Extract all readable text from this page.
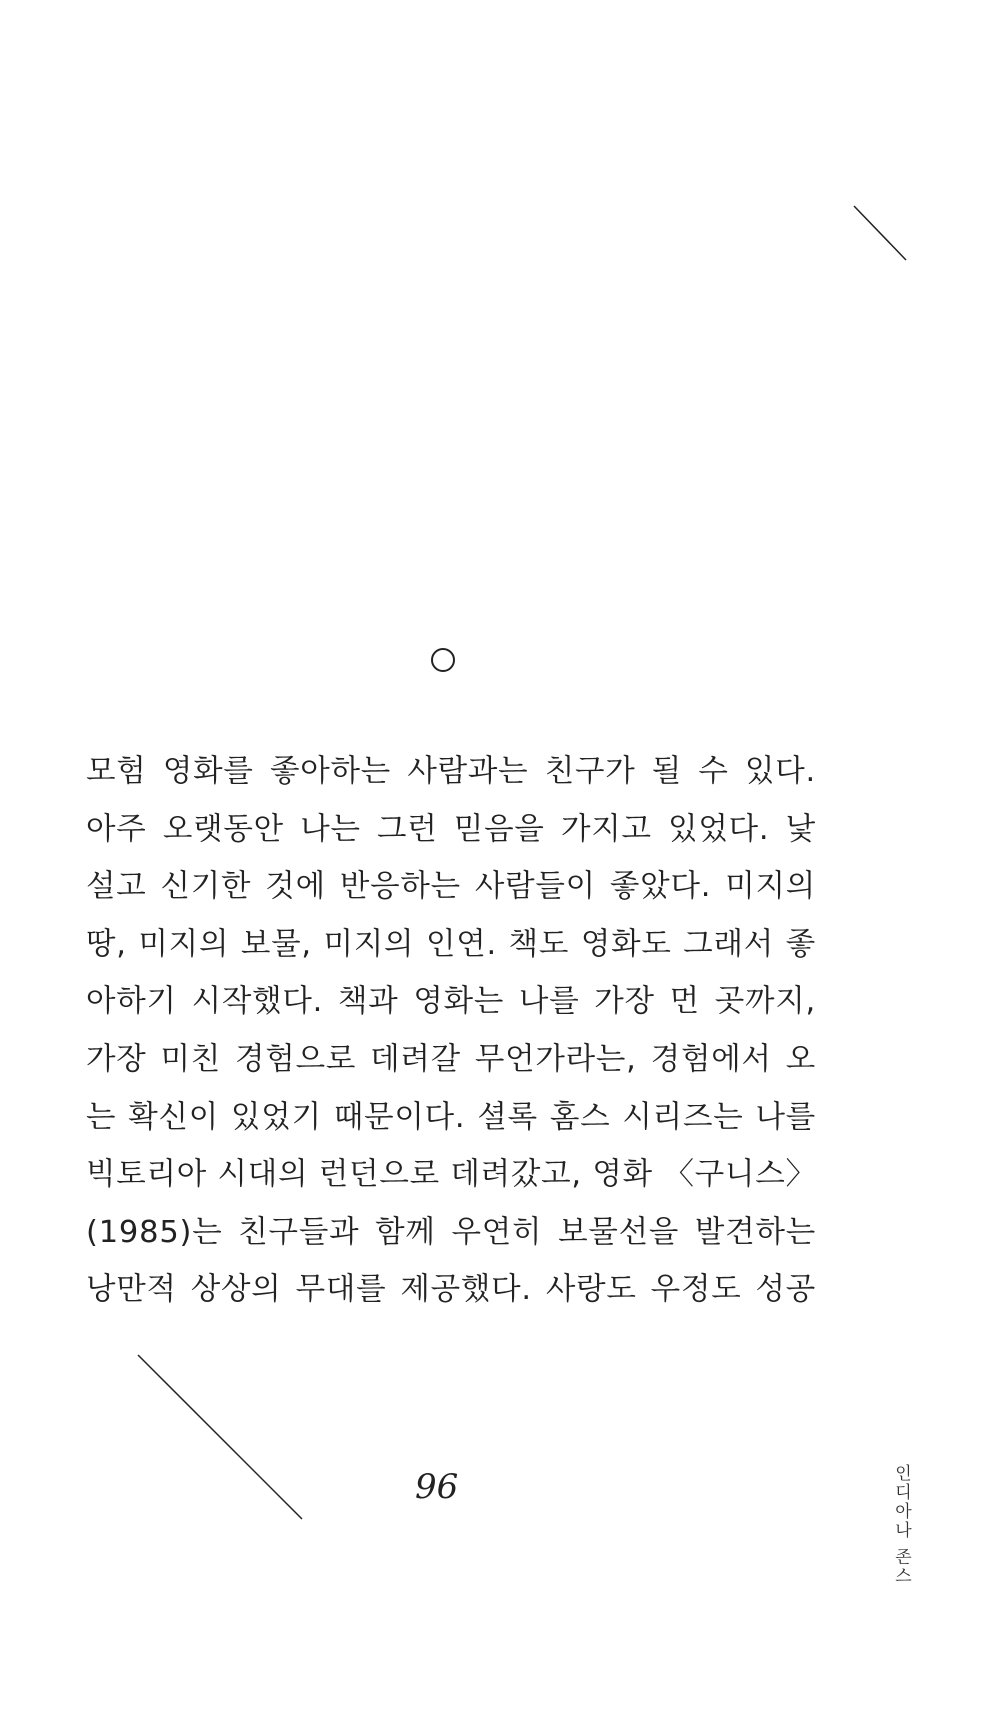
모험 영화를 좋아하는 사람과는 친구가 될 수 있다.
아주 오랫동안 나는 그런 믿음을 가지고 있었다. 낯
설고 신기한 것에 반응하는 사람들이 좋았다. 미지의
땅, 미지의 보물, 미지의 인연. 책도 영화도 그래서 좋
아하기 시작했다. 책과 영화는 나를 가장 먼 곳까지,
가장 미친 경험으로 데려갈 무언가라는, 경험에서 오
는 확신이 있었기 때문이다. 셜록 홈스 시리즈는 나를
빅토리아 시대의 런던으로 데려갔고, 영화 〈구니스〉
(1985)는 친구들과 함께 우연히 보물선을 발견하는
낭만적 상상의 무대를 제공했다. 사랑도 우정도 성공
96	인디아나 존스
